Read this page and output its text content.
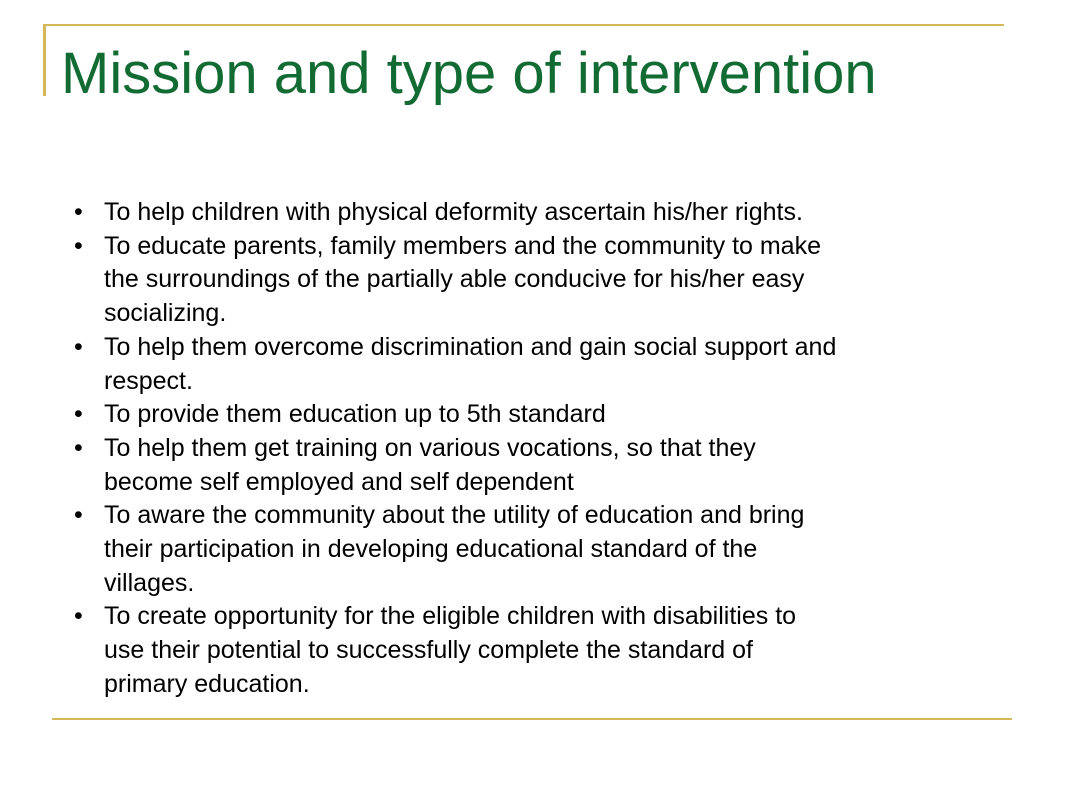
Mission and type of intervention
• To help children with physical deformity ascertain his/her rights.
• To educate parents, family members and the community to make
the surroundings of the partially able conducive for his/her easy
socializing.
• To help them overcome discrimination and gain social support and
respect.
• To provide them education up to 5th standard
• To help them get training on various vocations, so that they
become self employed and self dependent
• To aware the community about the utility of education and bring
their participation in developing educational standard of the
villages.
• To create opportunity for the eligible children with disabilities to
use their potential to successfully complete the standard of
primary education.
